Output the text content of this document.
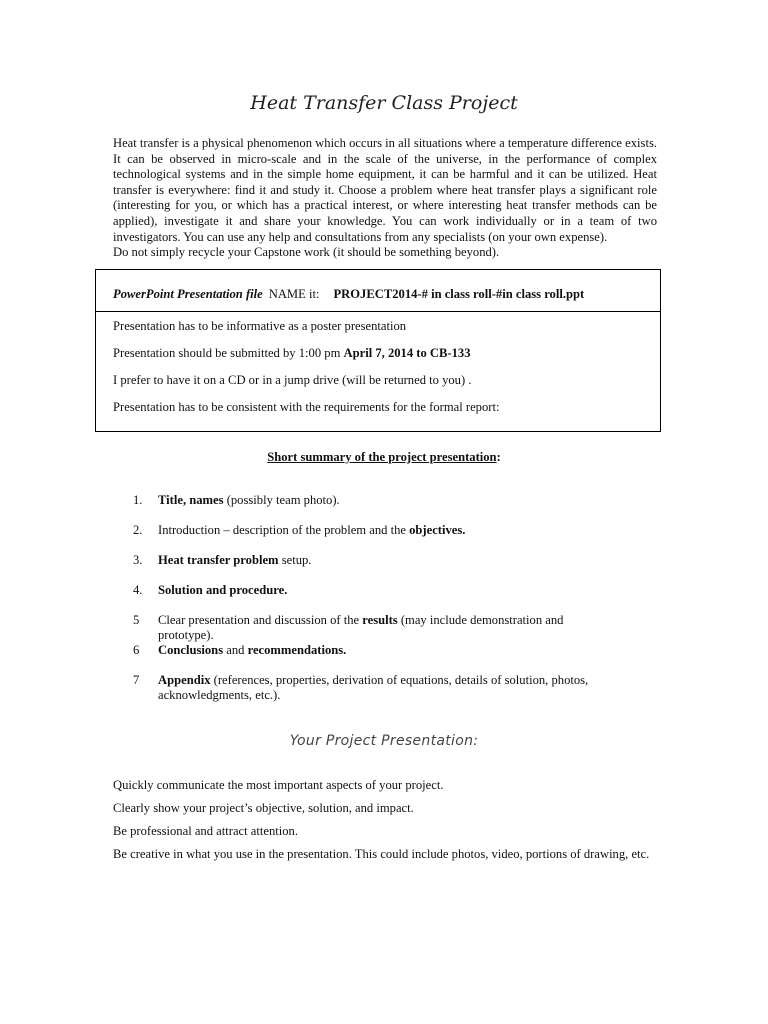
Heat Transfer Class Project

Heat transfer is a physical phenomenon which occurs in all situations where a temperature difference exists. It can be observed in micro-scale and in the scale of the universe, in the performance of complex technological systems and in the simple home equipment, it can be harmful and it can be utilized. Heat transfer is everywhere: find it and study it. Choose a problem where heat transfer plays a significant role (interesting for you, or which has a practical interest, or where interesting heat transfer methods can be applied), investigate it and share your knowledge. You can work individually or in a team of two investigators. You can use any help and consultations from any specialists (on your own expense).

Do not simply recycle your Capstone work (it should be something beyond).

PowerPoint Presentation file NAME it: PROJECT2014-# in class roll-#in class roll.ppt
Presentation has to be informative as a poster presentation
Presentation should be submitted by 1:00 pm April 7, 2014 to CB-133
I prefer to have it on a CD or in a jump drive (will be returned to you) .
Presentation has to be consistent with the requirements for the formal report:
Short summary of the project presentation:
1.	Title, names (possibly team photo).
2.	Introduction – description of the problem and the objectives.
3.	Heat transfer problem setup.
4.	Solution and procedure.
5	Clear presentation and discussion of the results (may include demonstration and prototype).
6	Conclusions and recommendations.
7	Appendix (references, properties, derivation of equations, details of solution, photos, acknowledgments, etc.).
Your Project Presentation:
Quickly communicate the most important aspects of your project.
Clearly show your project’s objective, solution, and impact.
Be professional and attract attention.
Be creative in what you use in the presentation. This could include photos, video, portions of drawing, etc.
